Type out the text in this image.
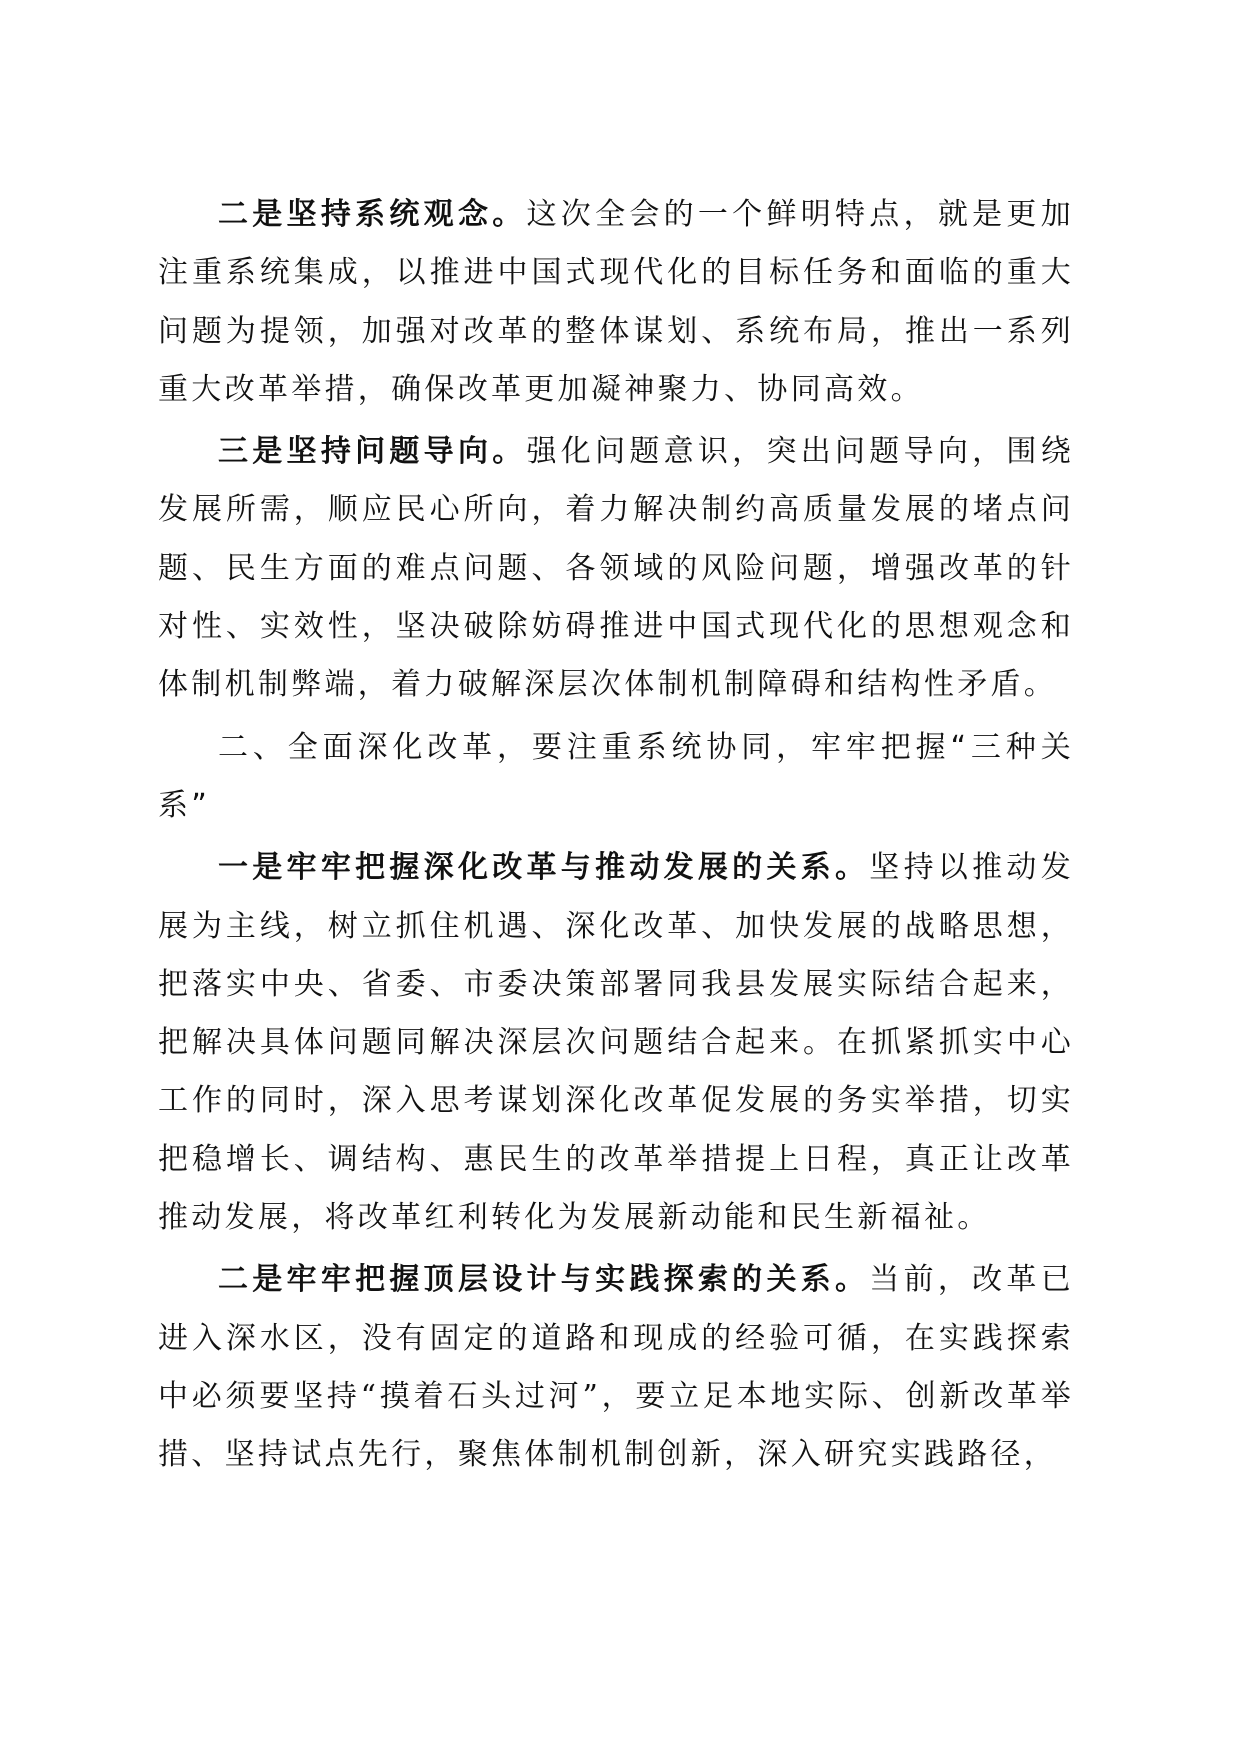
二是坚持系统观念。这次全会的一个鲜明特点，就是更加注重系统集成，以推进中国式现代化的目标任务和面临的重大问题为提领，加强对改革的整体谋划、系统布局，推出一系列重大改革举措，确保改革更加凝神聚力、协同高效。

三是坚持问题导向。强化问题意识，突出问题导向，围绕发展所需，顺应民心所向，着力解决制约高质量发展的堵点问题、民生方面的难点问题、各领域的风险问题，增强改革的针对性、实效性，坚决破除妨碍推进中国式现代化的思想观念和体制机制弊端，着力破解深层次体制机制障碍和结构性矛盾。

二、全面深化改革，要注重系统协同，牢牢把握“三种关系”

一是牢牢把握深化改革与推动发展的关系。坚持以推动发展为主线，树立抓住机遇、深化改革、加快发展的战略思想，把落实中央、省委、市委决策部署同我县发展实际结合起来，把解决具体问题同解决深层次问题结合起来。在抓紧抓实中心工作的同时，深入思考谋划深化改革促发展的务实举措，切实把稳增长、调结构、惠民生的改革举措提上日程，真正让改革推动发展，将改革红利转化为发展新动能和民生新福祉。

二是牢牢把握顶层设计与实践探索的关系。当前，改革已进入深水区，没有固定的道路和现成的经验可循，在实践探索中必须要坚持“摸着石头过河”，要立足本地实际、创新改革举措、坚持试点先行，聚焦体制机制创新，深入研究实践路径，
